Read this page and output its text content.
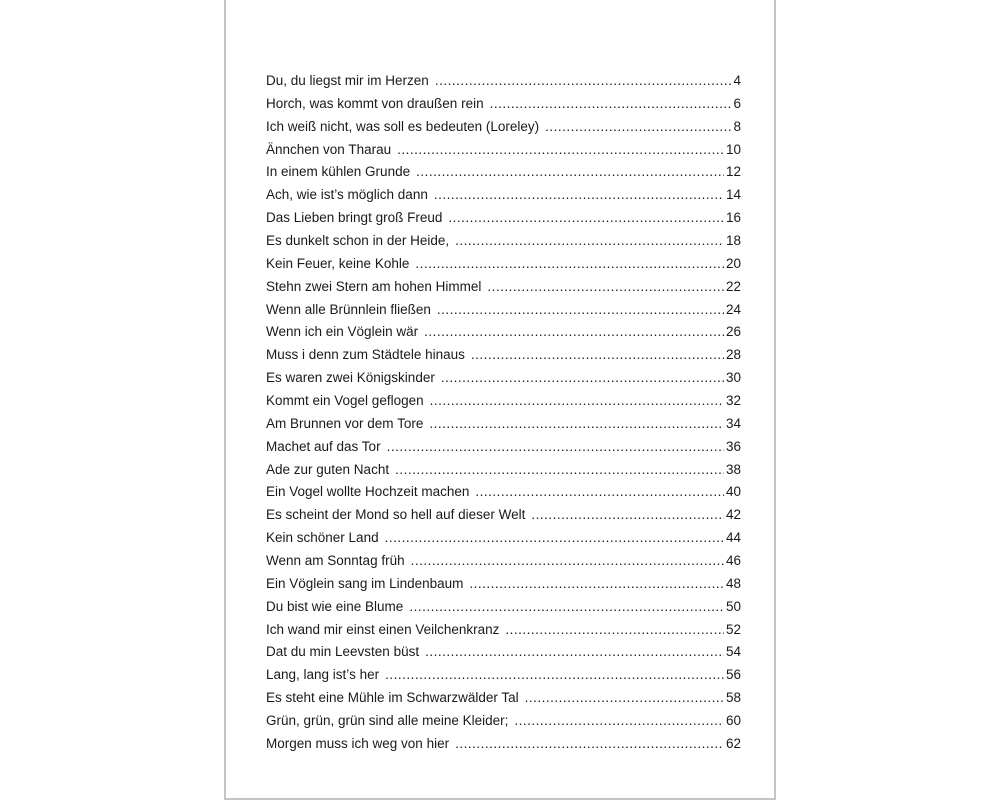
Du, du liegst mir im Herzen .....	4
Horch, was kommt von draußen rein .....	6
Ich weiß nicht, was soll es bedeuten (Loreley) .....	8
Ännchen von Tharau .....	10
In einem kühlen Grunde .....	12
Ach, wie ist’s möglich dann .....	14
Das Lieben bringt groß Freud .....	16
Es dunkelt schon in der Heide, .....	18
Kein Feuer, keine Kohle .....	20
Stehn zwei Stern am hohen Himmel .....	22
Wenn alle Brünnlein fließen .....	24
Wenn ich ein Vöglein wär .....	26
Muss i denn zum Städtele hinaus .....	28
Es waren zwei Königskinder .....	30
Kommt ein Vogel geflogen .....	32
Am Brunnen vor dem Tore .....	34
Machet auf das Tor .....	36
Ade zur guten Nacht .....	38
Ein Vogel wollte Hochzeit machen .....	40
Es scheint der Mond so hell auf dieser Welt .....	42
Kein schöner Land .....	44
Wenn am Sonntag früh .....	46
Ein Vöglein sang im Lindenbaum .....	48
Du bist wie eine Blume .....	50
Ich wand mir einst einen Veilchenkranz .....	52
Dat du min Leevsten büst .....	54
Lang, lang ist’s her .....	56
Es steht eine Mühle im Schwarzwälder Tal .....	58
Grün, grün, grün sind alle meine Kleider; .....	60
Morgen muss ich weg von hier .....	62
